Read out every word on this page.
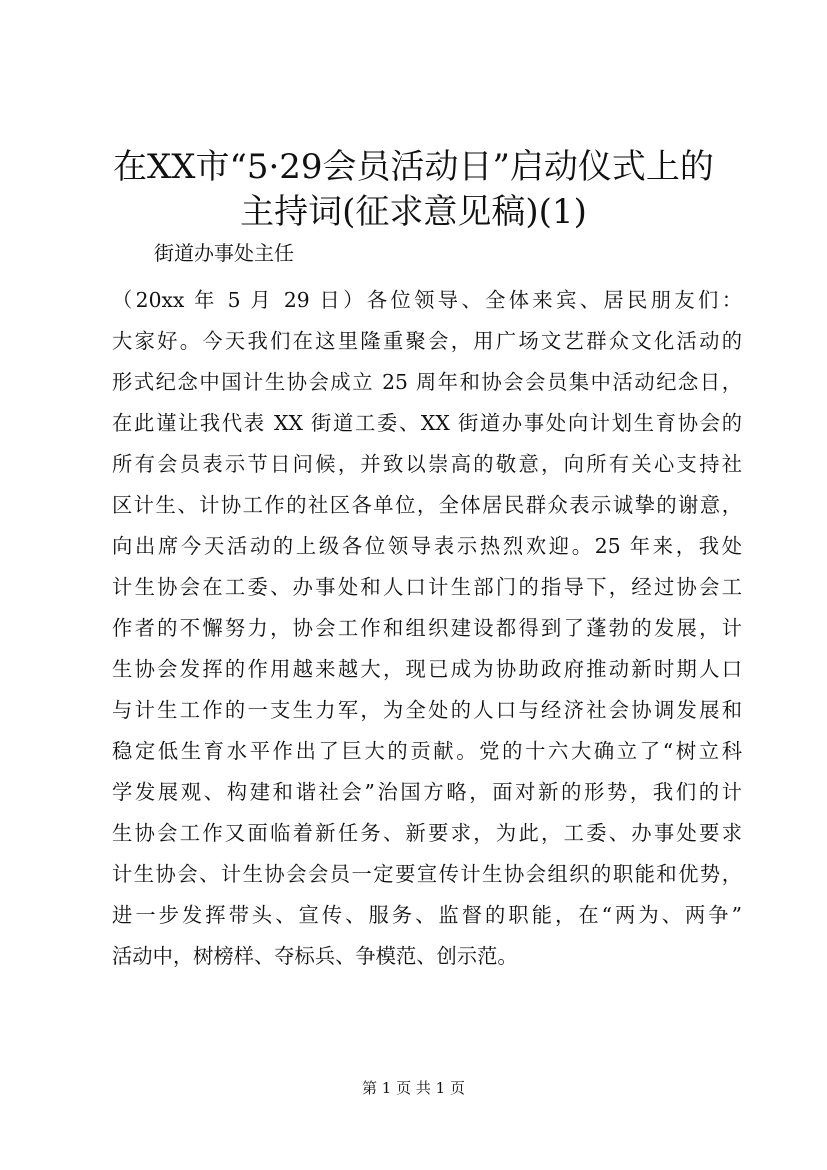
在XX市“5·29会员活动日”启动仪式上的
主持词(征求意见稿)(1)

街道办事处主任

（20xx 年 5 月 29 日）各位领导、全体来宾、居民朋友们：
大家好。今天我们在这里隆重聚会，用广场文艺群众文化活动的
形式纪念中国计生协会成立 25 周年和协会会员集中活动纪念日，
在此谨让我代表 XX 街道工委、XX 街道办事处向计划生育协会的
所有会员表示节日问候，并致以崇高的敬意，向所有关心支持社
区计生、计协工作的社区各单位，全体居民群众表示诚挚的谢意，
向出席今天活动的上级各位领导表示热烈欢迎。25 年来，我处
计生协会在工委、办事处和人口计生部门的指导下，经过协会工
作者的不懈努力，协会工作和组织建设都得到了蓬勃的发展，计
生协会发挥的作用越来越大，现已成为协助政府推动新时期人口
与计生工作的一支生力军，为全处的人口与经济社会协调发展和
稳定低生育水平作出了巨大的贡献。党的十六大确立了“树立科
学发展观、构建和谐社会”治国方略，面对新的形势，我们的计
生协会工作又面临着新任务、新要求，为此，工委、办事处要求
计生协会、计生协会会员一定要宣传计生协会组织的职能和优势，
进一步发挥带头、宣传、服务、监督的职能，在“两为、两争”
活动中，树榜样、夺标兵、争模范、创示范。

第 1 页 共 1 页
